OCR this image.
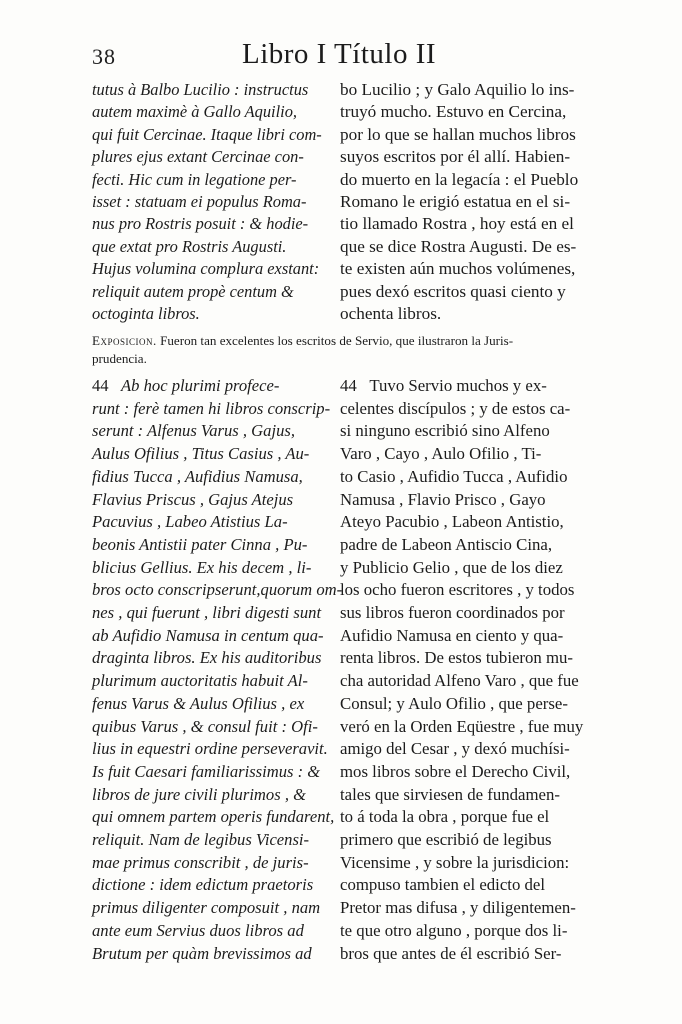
38	Libro I Título II

tutus à Balbo Lucilio : instructus

autem maximè à Gallo Aquilio,

qui fuit Cercinae. Itaque libri com-

plures ejus extant Cercinae con-

fecti. Hic cum in legatione per-

isset : statuam ei populus Roma-

nus pro Rostris posuit : & hodie-

que extat pro Rostris Augusti.

Hujus volumina complura exstant:

reliquit autem propè centum &

octoginta libros.

bo Lucilio ; y Galo Aquilio lo ins-

truyó mucho. Estuvo en Cercina,

por lo que se hallan muchos libros

suyos escritos por él allí. Habien-

do muerto en la legacía : el Pueblo

Romano le erigió estatua en el si-

tio llamado Rostra , hoy está en el

que se dice Rostra Augusti. De es-

te existen aún muchos volúmenes,

pues dexó escritos quasi ciento y

ochenta libros.

Exposicion. Fueron tan excelentes los escritos de Servio, que ilustraron la Juris-

prudencia.

44 Ab hoc plurimi profece-

runt : ferè tamen hi libros conscrip-

serunt : Alfenus Varus , Gajus,

Aulus Ofilius , Titus Casius , Au-

fidius Tucca , Aufidius Namusa,

Flavius Priscus , Gajus Atejus

Pacuvius , Labeo Atistius La-

beonis Antistii pater Cinna , Pu-

blicius Gellius. Ex his decem , li-

bros octo conscripserunt,quorum om-

nes , qui fuerunt , libri digesti sunt

ab Aufidio Namusa in centum qua-

draginta libros. Ex his auditoribus

plurimum auctoritatis habuit Al-

fenus Varus & Aulus Ofilius , ex

quibus Varus , & consul fuit : Ofi-

lius in equestri ordine perseveravit.

Is fuit Caesari familiarissimus : &

libros de jure civili plurimos , &

qui omnem partem operis fundarent,

reliquit. Nam de legibus Vicensi-

mae primus conscribit , de juris-

dictione : idem edictum praetoris

primus diligenter composuit , nam

ante eum Servius duos libros ad

Brutum per quàm brevissimos ad

44 Tuvo Servio muchos y ex-

celentes discípulos ; y de estos ca-

si ninguno escribió sino Alfeno

Varo , Cayo , Aulo Ofilio , Ti-

to Casio , Aufidio Tucca , Aufidio

Namusa , Flavio Prisco , Gayo

Ateyo Pacubio , Labeon Antistio,

padre de Labeon Antiscio Cina,

y Publicio Gelio , que de los diez

los ocho fueron escritores , y todos

sus libros fueron coordinados por

Aufidio Namusa en ciento y qua-

renta libros. De estos tubieron mu-

cha autoridad Alfeno Varo , que fue

Consul; y Aulo Ofilio , que perse-

veró en la Orden Eqüestre , fue muy

amigo del Cesar , y dexó muchísi-

mos libros sobre el Derecho Civil,

tales que sirviesen de fundamen-

to á toda la obra , porque fue el

primero que escribió de legibus

Vicensime , y sobre la jurisdicion:

compuso tambien el edicto del

Pretor mas difusa , y diligentemen-

te que otro alguno , porque dos li-

bros que antes de él escribió Ser-
